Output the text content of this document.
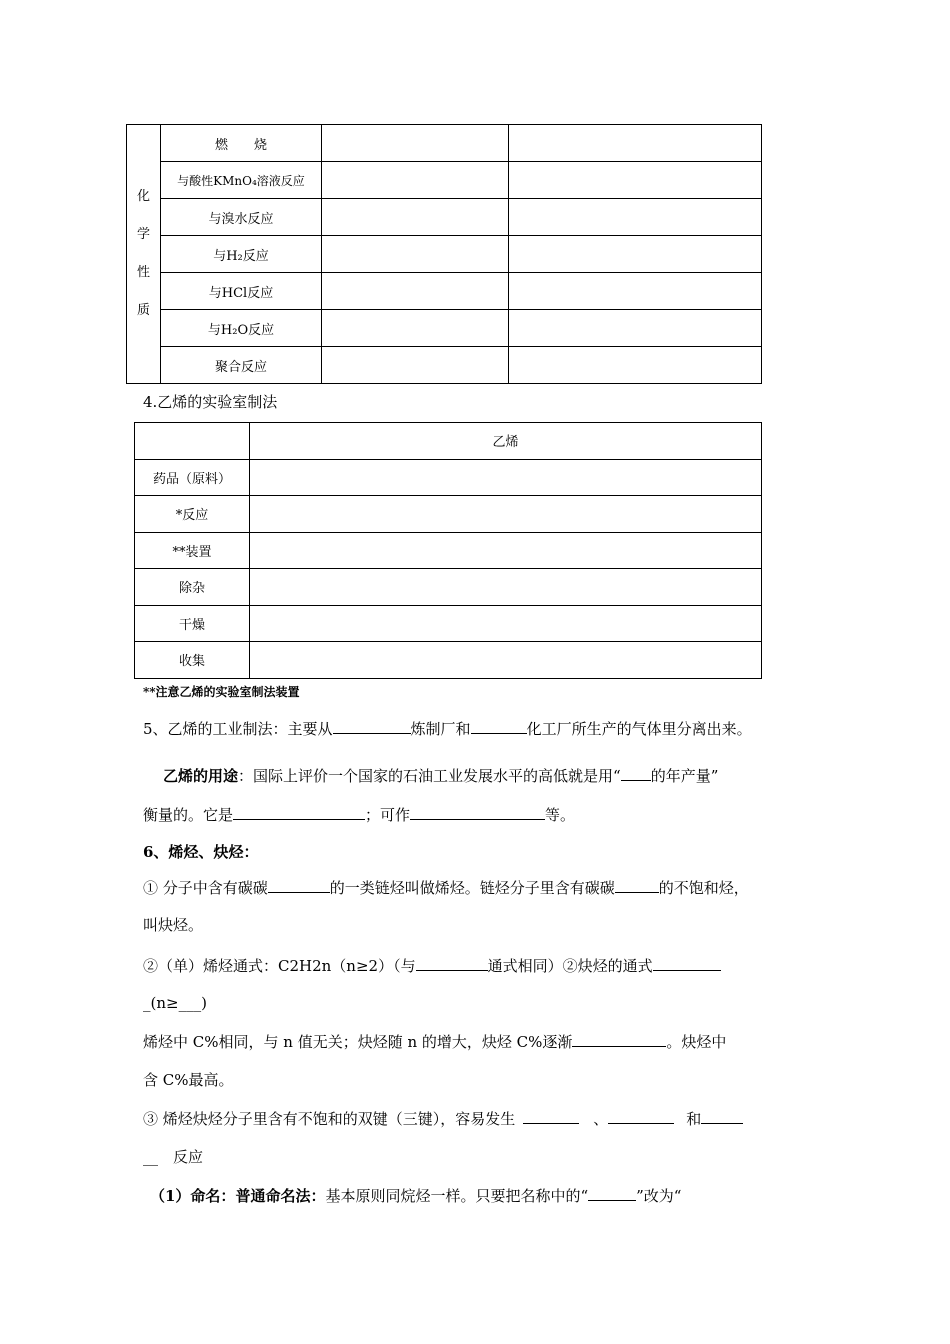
化
学
性
质	燃　　烧		
	与酸性KMnO₄溶液反应		
	与溴水反应		
	与H₂反应		
	与HCl反应		
	与H₂O反应		
	聚合反应		
4.乙烯的实验室制法
	乙烯
药品（原料）	
*反应	
**装置	
除杂	
干燥	
收集	
**注意乙烯的实验室制法装置
5、乙烯的工业制法：主要从	炼制厂和	化工厂所生产的气体里分离出来。
乙烯的用途：国际上评价一个国家的石油工业发展水平的高低就是用“ 的年产量”
衡量的。它是	；可作	等。
6、烯烃、炔烃：
① 分子中含有碳碳	的一类链烃叫做烯烃。链烃分子里含有碳碳	的不饱和烃，
叫炔烃。
②（单）烯烃通式：C2H2n（n≥2）（与	通式相同）②炔烃的通式
_(n≥___)
烯烃中 C%相同，与 n 值无关；炔烃随 n 的增大，炔烃 C%逐渐	。炔烃中
含 C%最高。
③ 烯烃炔烃分子里含有不饱和的双键（三键），容易发生	、	和
__　反应
（1）命名：普通命名法：基本原则同烷烃一样。只要把名称中的“	”改为“
